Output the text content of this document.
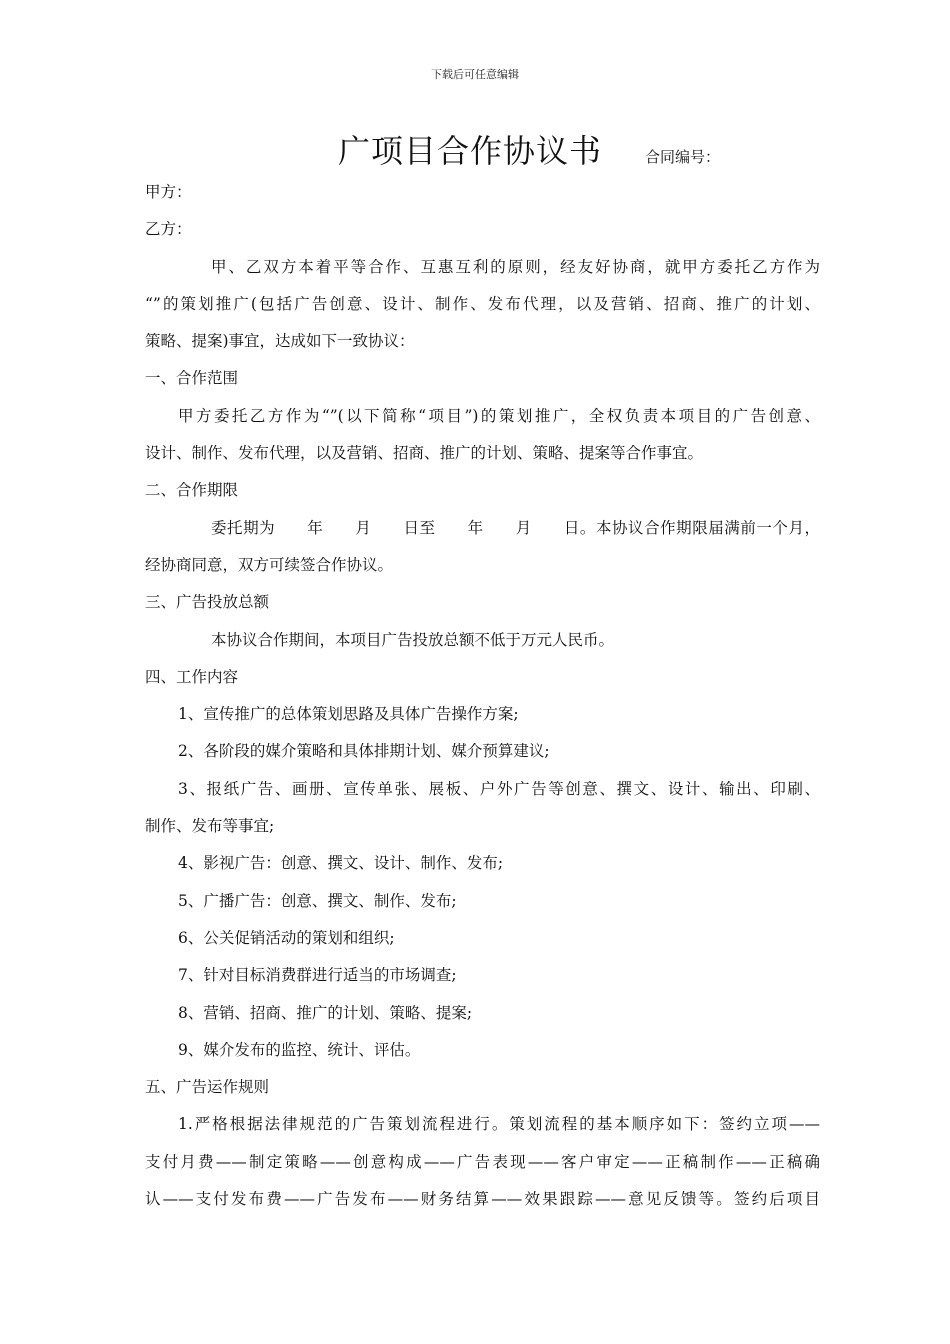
下载后可任意编辑
广项目合作协议书	合同编号：
甲方：
乙方：
甲、乙双方本着平等合作、互惠互利的原则，经友好协商，就甲方委托乙方作为
“”的策划推广(包括广告创意、设计、制作、发布代理，以及营销、招商、推广的计划、
策略、提案)事宜，达成如下一致协议：
一、合作范围
甲方委托乙方作为“”(以下简称“项目”)的策划推广，全权负责本项目的广告创意、
设计、制作、发布代理，以及营销、招商、推广的计划、策略、提案等合作事宜。
二、合作期限
委托期为　　年　　月　　日至　　年　　月　　日。本协议合作期限届满前一个月，
经协商同意，双方可续签合作协议。
三、广告投放总额
本协议合作期间，本项目广告投放总额不低于万元人民币。
四、工作内容
1、宣传推广的总体策划思路及具体广告操作方案;
2、各阶段的媒介策略和具体排期计划、媒介预算建议;
3、报纸广告、画册、宣传单张、展板、户外广告等创意、撰文、设计、输出、印刷、
制作、发布等事宜;
4、影视广告：创意、撰文、设计、制作、发布;
5、广播广告：创意、撰文、制作、发布;
6、公关促销活动的策划和组织;
7、针对目标消费群进行适当的市场调查;
8、营销、招商、推广的计划、策略、提案;
9、媒介发布的监控、统计、评估。
五、广告运作规则
1.严格根据法律规范的广告策划流程进行。策划流程的基本顺序如下：签约立项——
支付月费——制定策略——创意构成——广告表现——客户审定——正稿制作——正稿确
认——支付发布费——广告发布——财务结算——效果跟踪——意见反馈等。签约后项目
